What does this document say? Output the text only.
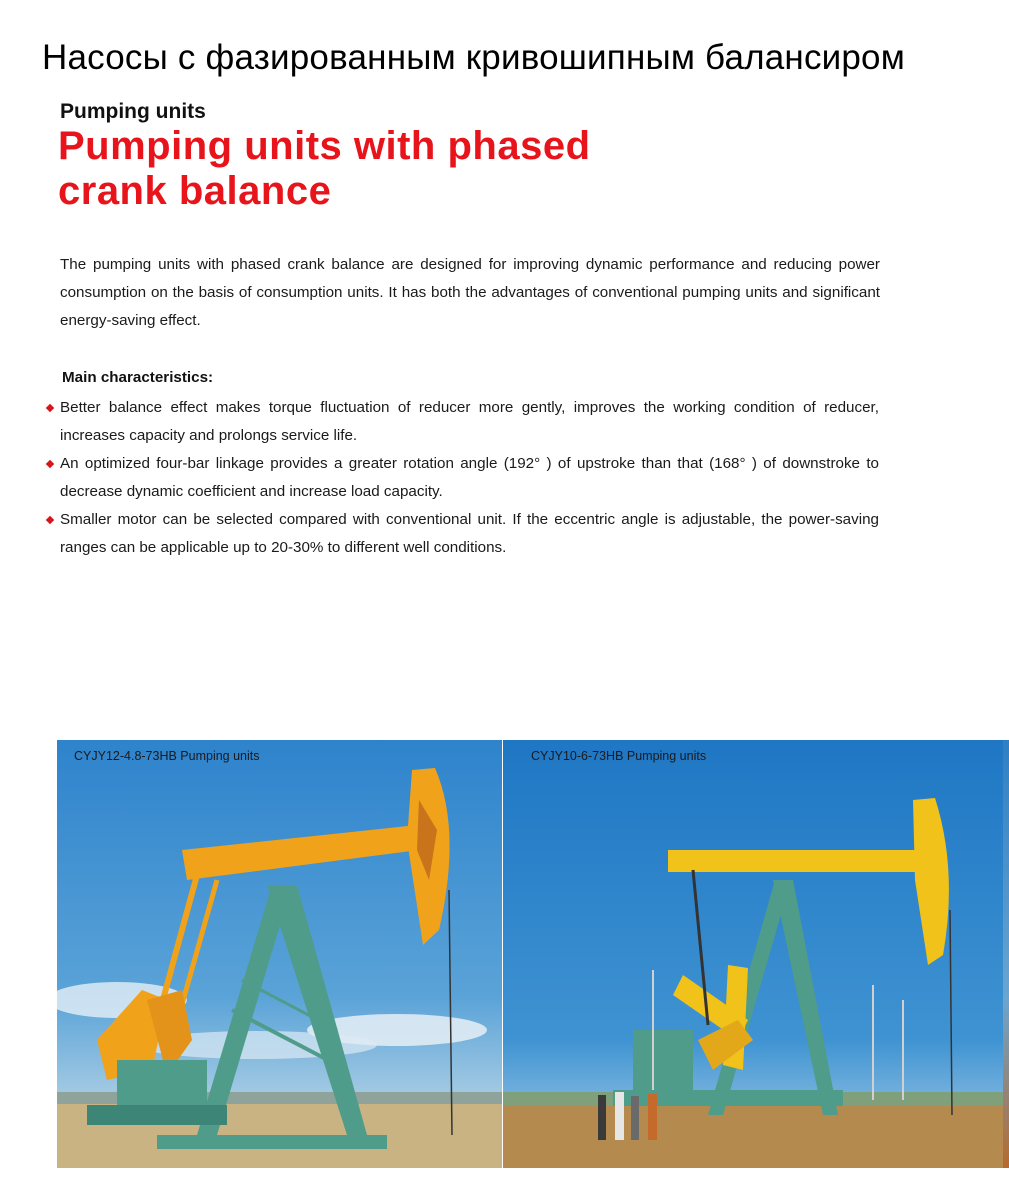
Насосы с фазированным кривошипным балансиром
Pumping units
Pumping units with phased
crank balance

The pumping units with phased crank balance are designed for improving dynamic performance and reducing power consumption on the basis of consumption units. It has both the advantages of conventional pumping units and significant energy-saving effect.

Main characteristics:
Better balance effect makes torque fluctuation of reducer more gently, improves the working condition of reducer, increases capacity and prolongs service life.
An optimized four-bar linkage provides a greater rotation angle (192° ) of upstroke than that (168° ) of downstroke to decrease dynamic coefficient and increase load capacity.
Smaller motor can be selected compared with conventional unit. If the eccentric angle is adjustable, the power-saving ranges can be applicable up to 20-30% to different well conditions.
CYJY12-4.8-73HB Pumping units	CYJY10-6-73HB Pumping units
